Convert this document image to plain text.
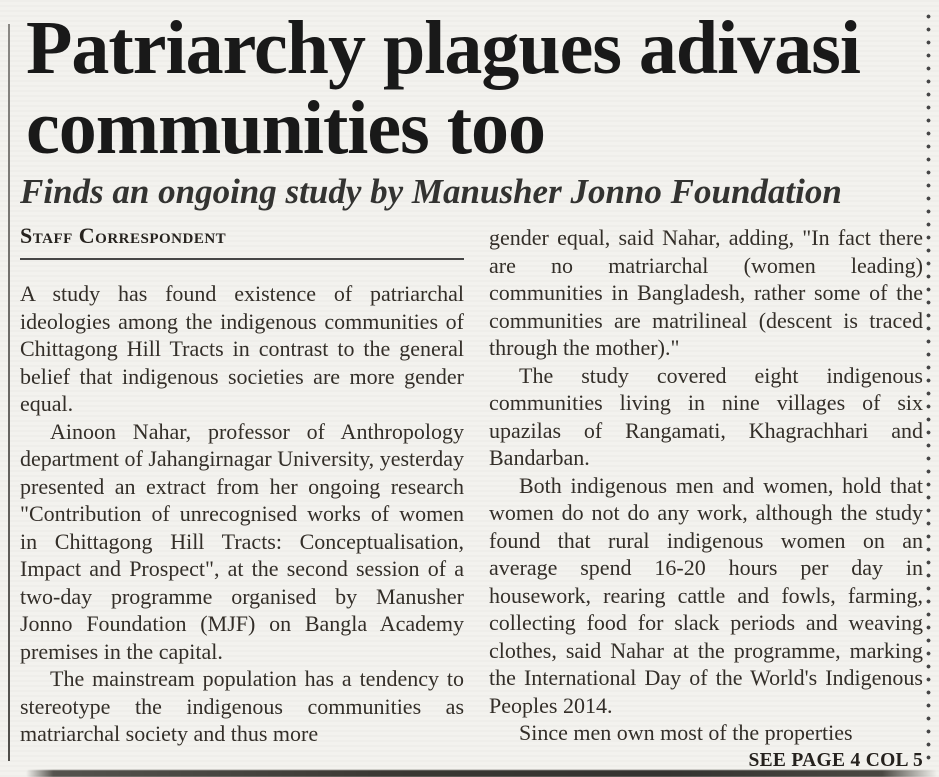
Patriarchy plagues adivasi communities too
Finds an ongoing study by Manusher Jonno Foundation
Staff Correspondent

A study has found existence of patriarchal ideologies among the indigenous communities of Chittagong Hill Tracts in contrast to the general belief that indigenous societies are more gender equal.

Ainoon Nahar, professor of Anthropology department of Jahangirnagar University, yesterday presented an extract from her ongoing research "Contribution of unrecognised works of women in Chittagong Hill Tracts: Conceptualisation, Impact and Prospect", at the second session of a two-day programme organised by Manusher Jonno Foundation (MJF) on Bangla Academy premises in the capital.

The mainstream population has a tendency to stereotype the indigenous communities as matriarchal society and thus more

gender equal, said Nahar, adding, "In fact there are no matriarchal (women leading) communities in Bangladesh, rather some of the communities are matrilineal (descent is traced through the mother)."

The study covered eight indigenous communities living in nine villages of six upazilas of Rangamati, Khagrachhari and Bandarban.

Both indigenous men and women, hold that women do not do any work, although the study found that rural indigenous women on an average spend 16-20 hours per day in housework, rearing cattle and fowls, farming, collecting food for slack periods and weaving clothes, said Nahar at the programme, marking the International Day of the World's Indigenous Peoples 2014.

Since men own most of the properties

SEE PAGE 4 COL 5
